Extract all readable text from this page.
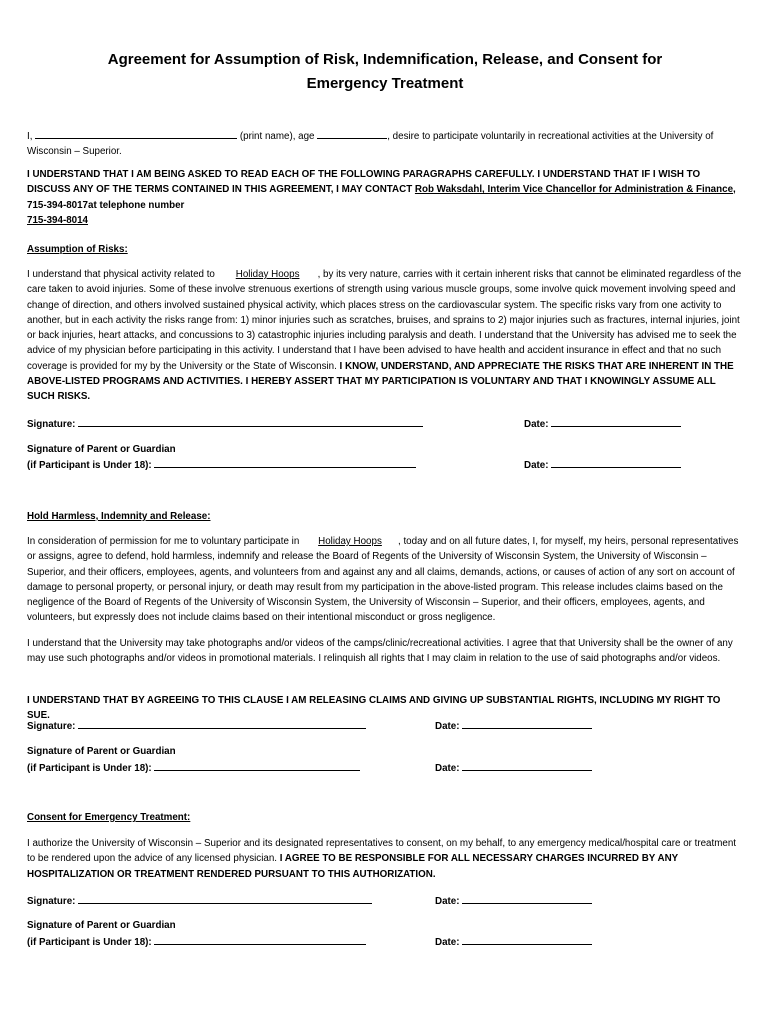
Agreement for Assumption of Risk, Indemnification, Release, and Consent for
Emergency Treatment
I,	(print name), age	, desire to participate voluntarily in recreational activities at the University of
Wisconsin – Superior.
I UNDERSTAND THAT I AM BEING ASKED TO READ EACH OF THE FOLLOWING PARAGRAPHS CAREFULLY. I UNDERSTAND THAT IF I WISH TO DISCUSS ANY OF THE TERMS CONTAINED IN THIS AGREEMENT, I MAY CONTACT Rob Waksdahl, Interim Vice Chancellor for Administration & Finance, 715-394-8017at telephone number
715-394-8014
Assumption of Risks:
I understand that physical activity related to Holiday Hoops , by its very nature, carries with it certain inherent risks that cannot be eliminated regardless of the care taken to avoid injuries. Some of these involve strenuous exertions of strength using various muscle groups, some involve quick movement involving speed and change of direction, and others involved sustained physical activity, which places stress on the cardiovascular system. The specific risks vary from one activity to another, but in each activity the risks range from: 1) minor injuries such as scratches, bruises, and sprains to 2) major injuries such as fractures, internal injuries, joint or back injuries, heart attacks, and concussions to 3) catastrophic injuries including paralysis and death. I understand that the University has advised me to seek the advice of my physician before participating in this activity. I understand that I have been advised to have health and accident insurance in effect and that no such coverage is provided for my by the University or the State of Wisconsin. I KNOW, UNDERSTAND, AND APPRECIATE THE RISKS THAT ARE INHERENT IN THE ABOVE-LISTED PROGRAMS AND ACTIVITIES. I HEREBY ASSERT THAT MY PARTICIPATION IS VOLUNTARY AND THAT I KNOWINGLY ASSUME ALL SUCH RISKS.
Signature:	Date:
Signature of Parent or Guardian
(if Participant is Under 18):	Date:
Hold Harmless, Indemnity and Release:
In consideration of permission for me to voluntary participate in Holiday Hoops , today and on all future dates, I, for myself, my heirs, personal representatives or assigns, agree to defend, hold harmless, indemnify and release the Board of Regents of the University of Wisconsin System, the University of Wisconsin – Superior, and their officers, employees, agents, and volunteers from and against any and all claims, demands, actions, or causes of action of any sort on account of damage to personal property, or personal injury, or death may result from my participation in the above-listed program. This release includes claims based on the negligence of the Board of Regents of the University of Wisconsin System, the University of Wisconsin – Superior, and their officers, employees, agents, and volunteers, but expressly does not include claims based on their intentional misconduct or gross negligence.
I understand that the University may take photographs and/or videos of the camps/clinic/recreational activities. I agree that that University shall be the owner of any may use such photographs and/or videos in promotional materials. I relinquish all rights that I may claim in relation to the use of said photographs and/or videos.
I UNDERSTAND THAT BY AGREEING TO THIS CLAUSE I AM RELEASING CLAIMS AND GIVING UP SUBSTANTIAL RIGHTS, INCLUDING MY RIGHT TO SUE.
Signature:	Date:
Signature of Parent or Guardian
(if Participant is Under 18):	Date:
Consent for Emergency Treatment:
I authorize the University of Wisconsin – Superior and its designated representatives to consent, on my behalf, to any emergency medical/hospital care or treatment to be rendered upon the advice of any licensed physician. I AGREE TO BE RESPONSIBLE FOR ALL NECESSARY CHARGES INCURRED BY ANY HOSPITALIZATION OR TREATMENT RENDERED PURSUANT TO THIS AUTHORIZATION.
Signature:	Date:
Signature of Parent or Guardian
(if Participant is Under 18):	Date:
